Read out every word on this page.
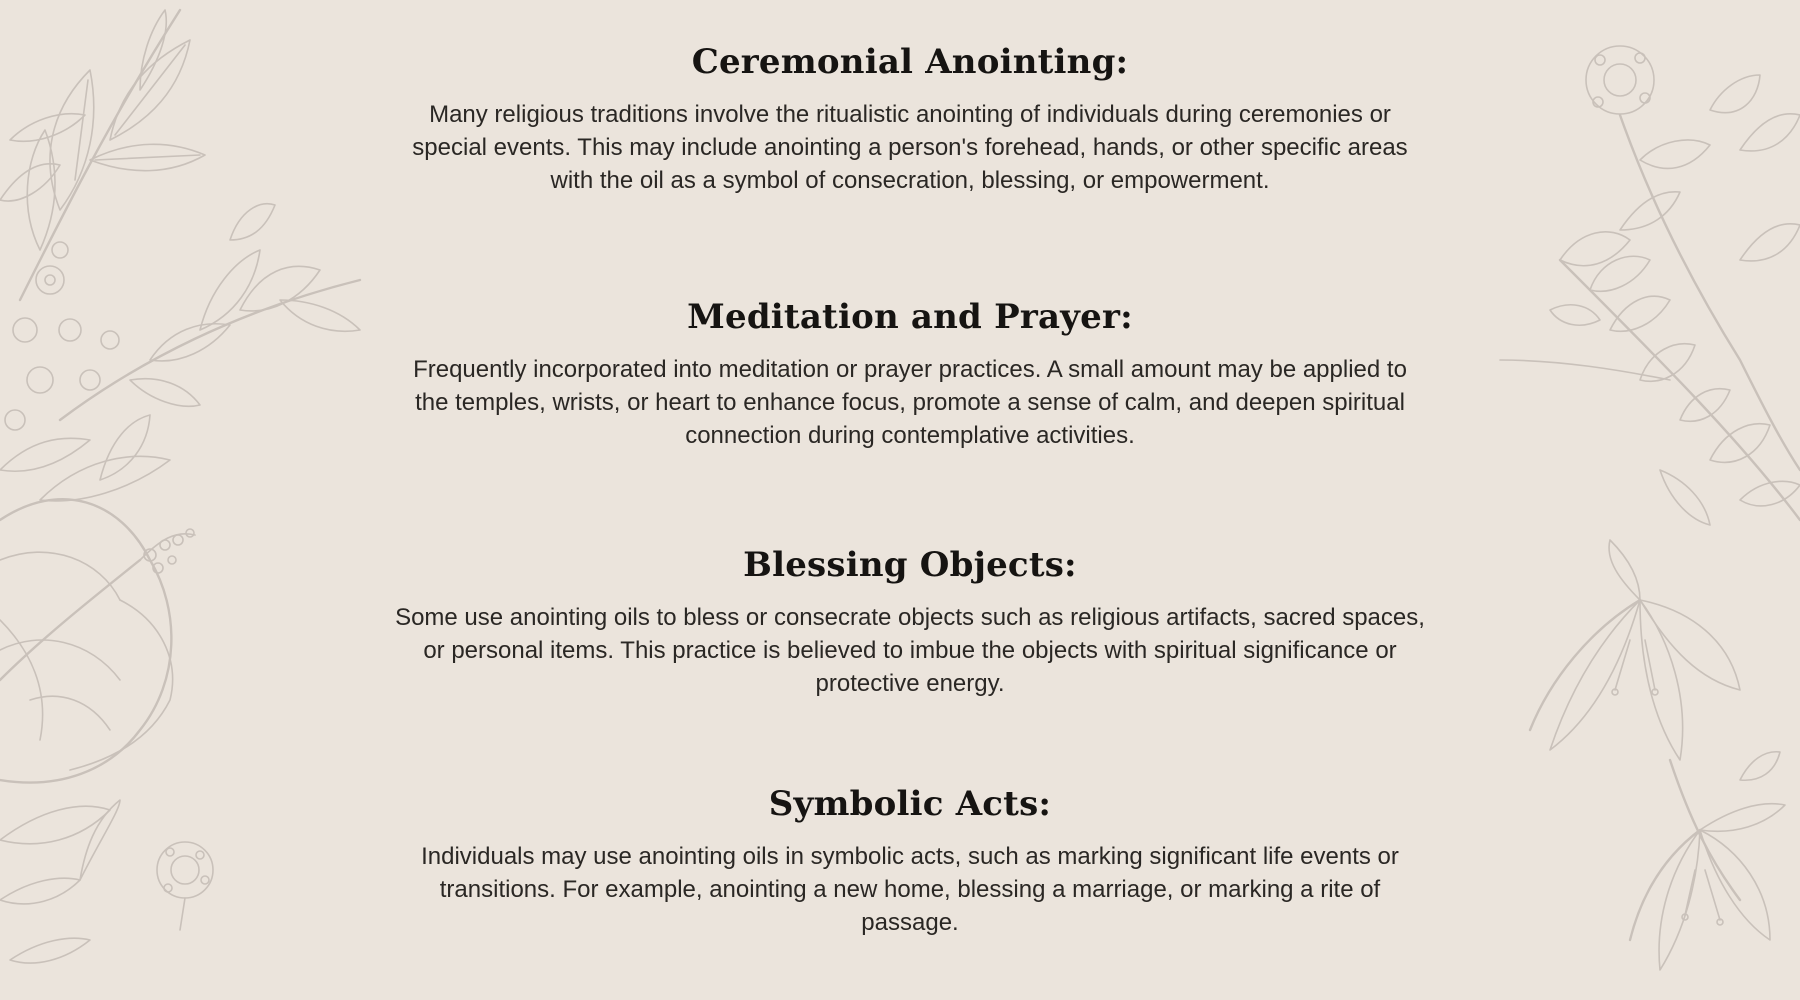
Ceremonial Anointing:

Many religious traditions involve the ritualistic anointing of individuals during ceremonies or special events. This may include anointing a person's forehead, hands, or other specific areas with the oil as a symbol of consecration, blessing, or empowerment.

Meditation and Prayer:

Frequently incorporated into meditation or prayer practices. A small amount may be applied to the temples, wrists, or heart to enhance focus, promote a sense of calm, and deepen spiritual connection during contemplative activities.

Blessing Objects:

Some use anointing oils to bless or consecrate objects such as religious artifacts, sacred spaces, or personal items. This practice is believed to imbue the objects with spiritual significance or protective energy.

Symbolic Acts:

Individuals may use anointing oils in symbolic acts, such as marking significant life events or transitions. For example, anointing a new home, blessing a marriage, or marking a rite of passage.
